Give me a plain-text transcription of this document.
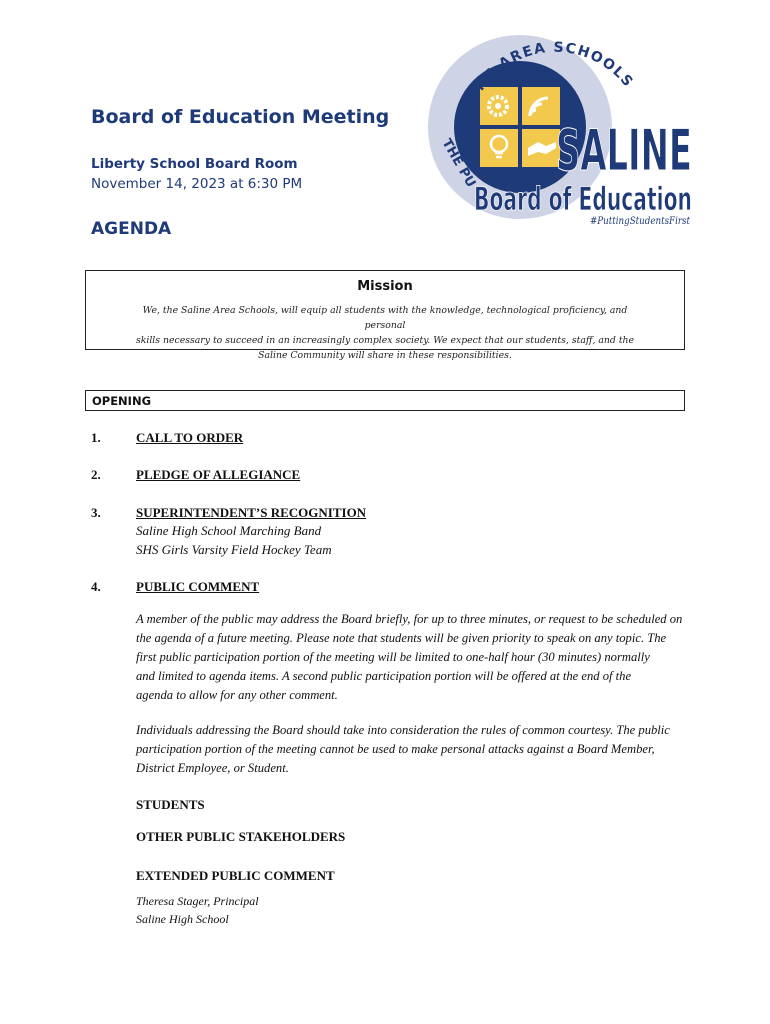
Board of Education Meeting
Liberty School Board Room
November 14, 2023 at 6:30 PM
AGENDA
SALINE AREA SCHOOLS
THE PU SALINE
Board of Education
#PuttingStudentsFirst
Mission
We, the Saline Area Schools, will equip all students with the knowledge, technological proficiency, and personal
skills necessary to succeed in an increasingly complex society. We expect that our students, staff, and the
Saline Community will share in these responsibilities.
OPENING
1.	CALL TO ORDER
2.	PLEDGE OF ALLEGIANCE
3.	SUPERINTENDENT’S RECOGNITION
Saline High School Marching Band
SHS Girls Varsity Field Hockey Team
4.	PUBLIC COMMENT
A member of the public may address the Board briefly, for up to three minutes, or request to be scheduled on
the agenda of a future meeting. Please note that students will be given priority to speak on any topic. The
first public participation portion of the meeting will be limited to one-half hour (30 minutes) normally
and limited to agenda items. A second public participation portion will be offered at the end of the
agenda to allow for any other comment.
Individuals addressing the Board should take into consideration the rules of common courtesy. The public
participation portion of the meeting cannot be used to make personal attacks against a Board Member,
District Employee, or Student.
STUDENTS
OTHER PUBLIC STAKEHOLDERS
EXTENDED PUBLIC COMMENT
Theresa Stager, Principal
Saline High School
